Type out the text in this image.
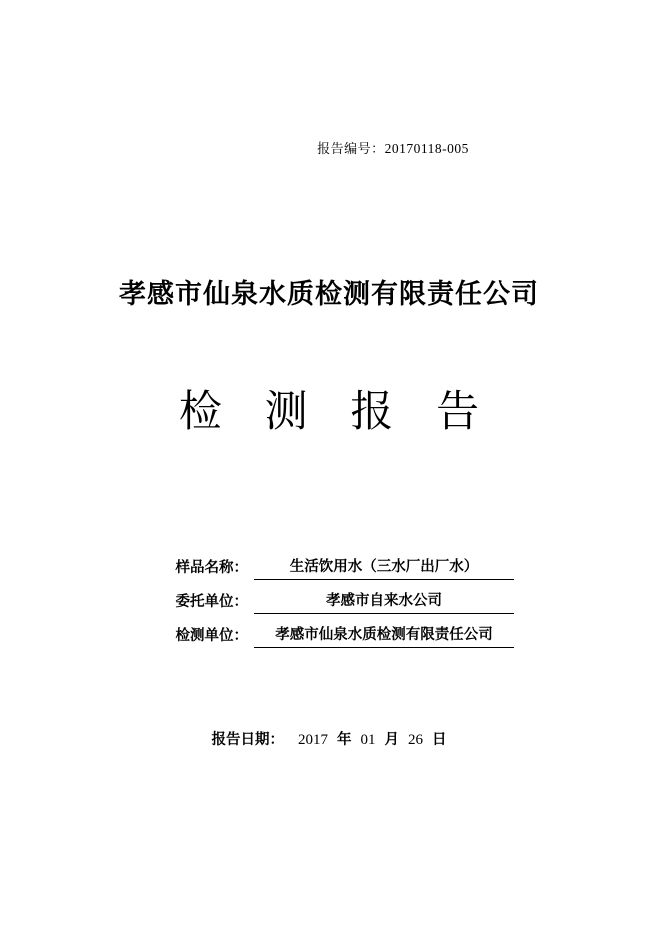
报告编号：20170118-005
孝感市仙泉水质检测有限责任公司
检 测 报 告
样品名称：	生活饮用水（三水厂出厂水）
委托单位：	孝感市自来水公司
检测单位：	孝感市仙泉水质检测有限责任公司
报告日期： 2017 年 01 月 26 日
